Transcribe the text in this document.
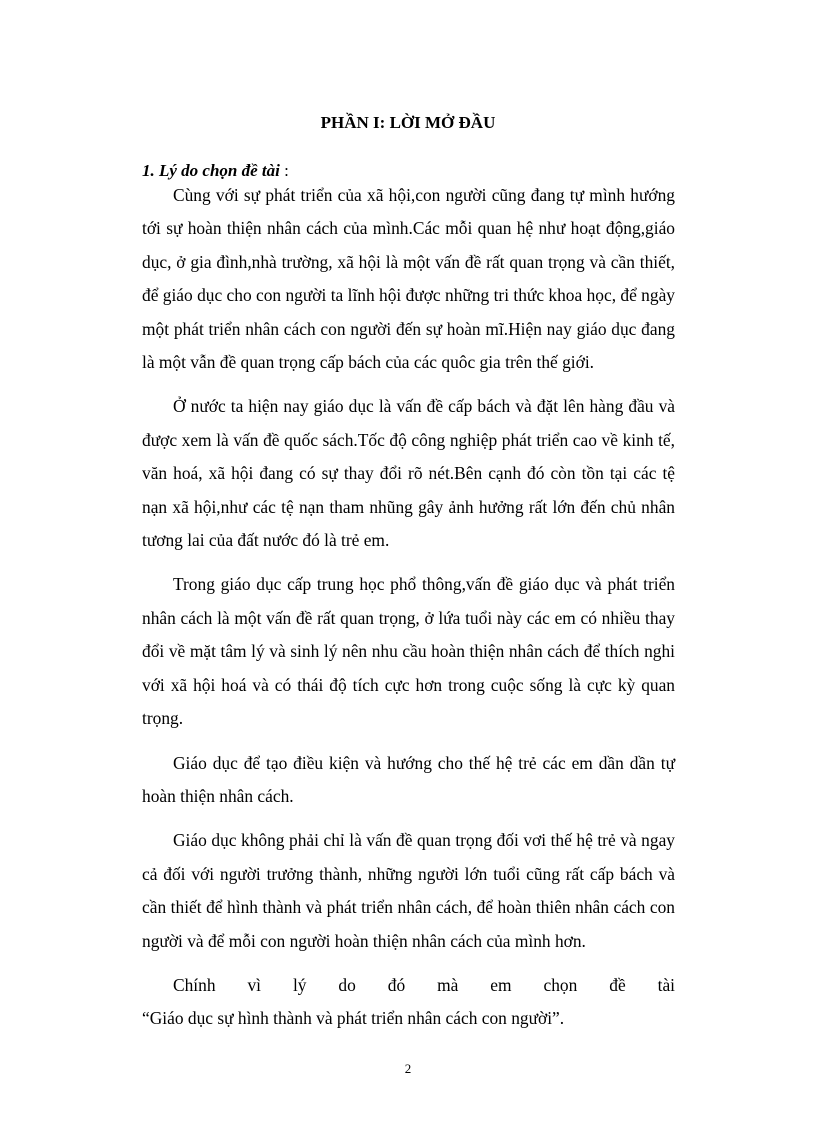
PHẦN I: LỜI MỞ ĐẦU
1. Lý do chọn đề tài :

Cùng với sự phát triển của xã hội,con người cũng đang tự mình hướng tới sự hoàn thiện nhân cách của mình.Các mỗi quan hệ như hoạt động,giáo dục, ở gia đình,nhà trường, xã hội là một vấn đề rất quan trọng và cần thiết, để giáo dục cho con người ta lĩnh hội được những tri thức khoa học, để ngày một phát triển nhân cách con người đến sự hoàn mĩ.Hiện nay giáo dục đang là một vẫn đề quan trọng cấp bách của các quôc gia trên thế giới.

Ở nước ta hiện nay giáo dục là vấn đề cấp bách và đặt lên hàng đầu và được xem là vấn đề quốc sách.Tốc độ công nghiệp phát triển cao về kinh tế, văn hoá, xã hội đang có sự thay đổi rõ nét.Bên cạnh đó còn tồn tại các tệ nạn xã hội,như các tệ nạn tham nhũng gây ảnh hưởng rất lớn đến chủ nhân tương lai của đất nước đó là trẻ em.

Trong giáo dục cấp trung học phổ thông,vấn đề giáo dục và phát triển nhân cách là một vấn đề rất quan trọng, ở lứa tuổi này các em có nhiều thay đổi về mặt tâm lý và sinh lý nên nhu cầu hoàn thiện nhân cách để thích nghi với xã hội hoá và có thái độ tích cực hơn trong cuộc sống là cực kỳ quan trọng.

Giáo dục để tạo điều kiện và hướng cho thế hệ trẻ các em dần dần tự hoàn thiện nhân cách.

Giáo dục không phải chỉ là vấn đề quan trọng đối vơi thế hệ trẻ và ngay cả đối với người trưởng thành, những người lớn tuổi cũng rất cấp bách và cần thiết để hình thành và phát triển nhân cách, để hoàn thiên nhân cách con người và để mỗi con người hoàn thiện nhân cách của mình hơn.

Chính vì lý do đó mà em chọn đề tài

“Giáo dục sự hình thành và phát triển nhân cách con người”.

2
